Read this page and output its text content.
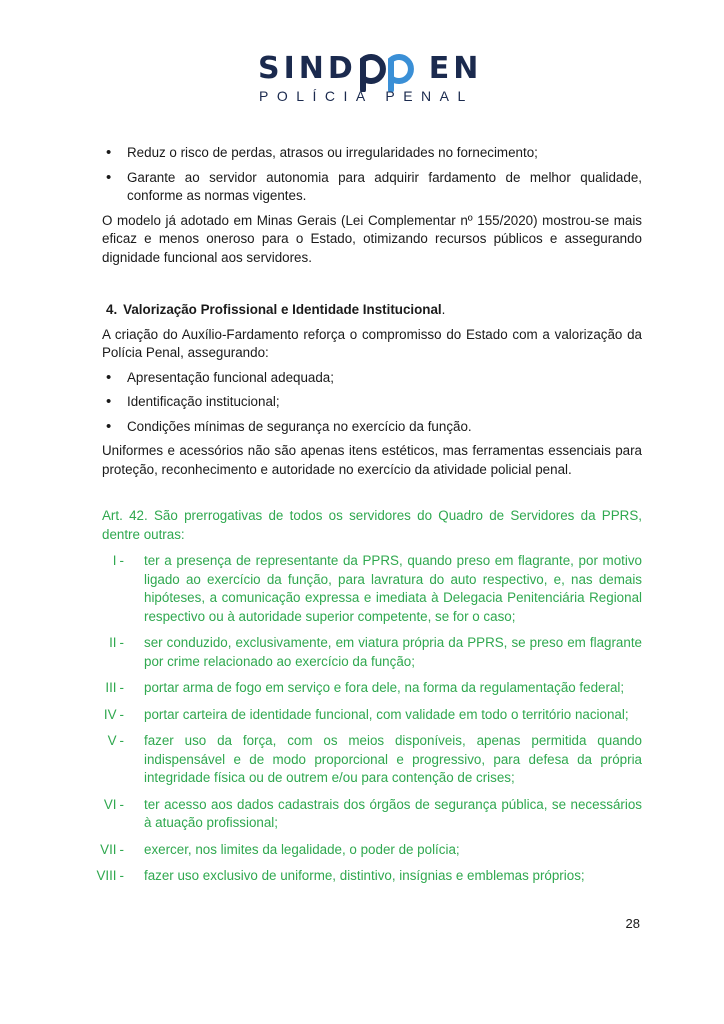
SIND EN
POLÍCIA PENAL
• Reduz o risco de perdas, atrasos ou irregularidades no fornecimento;
• Garante ao servidor autonomia para adquirir fardamento de melhor qualidade, conforme as normas vigentes.

O modelo já adotado em Minas Gerais (Lei Complementar nº 155/2020) mostrou-se mais eficaz e menos oneroso para o Estado, otimizando recursos públicos e assegurando dignidade funcional aos servidores.

4. Valorização Profissional e Identidade Institucional.

A criação do Auxílio-Fardamento reforça o compromisso do Estado com a valorização da Polícia Penal, assegurando:

• Apresentação funcional adequada;
• Identificação institucional;
• Condições mínimas de segurança no exercício da função.

Uniformes e acessórios não são apenas itens estéticos, mas ferramentas essenciais para proteção, reconhecimento e autoridade no exercício da atividade policial penal.

Art. 42. São prerrogativas de todos os servidores do Quadro de Servidores da PPRS, dentre outras:

I - ter a presença de representante da PPRS, quando preso em flagrante, por motivo ligado ao exercício da função, para lavratura do auto respectivo, e, nas demais hipóteses, a comunicação expressa e imediata à Delegacia Penitenciária Regional respectivo ou à autoridade superior competente, se for o caso;
II - ser conduzido, exclusivamente, em viatura própria da PPRS, se preso em flagrante por crime relacionado ao exercício da função;
III - portar arma de fogo em serviço e fora dele, na forma da regulamentação federal;
IV - portar carteira de identidade funcional, com validade em todo o território nacional;
V - fazer uso da força, com os meios disponíveis, apenas permitida quando indispensável e de modo proporcional e progressivo, para defesa da própria integridade física ou de outrem e/ou para contenção de crises;
VI - ter acesso aos dados cadastrais dos órgãos de segurança pública, se necessários à atuação profissional;
VII - exercer, nos limites da legalidade, o poder de polícia;
VIII - fazer uso exclusivo de uniforme, distintivo, insígnias e emblemas próprios;
28
